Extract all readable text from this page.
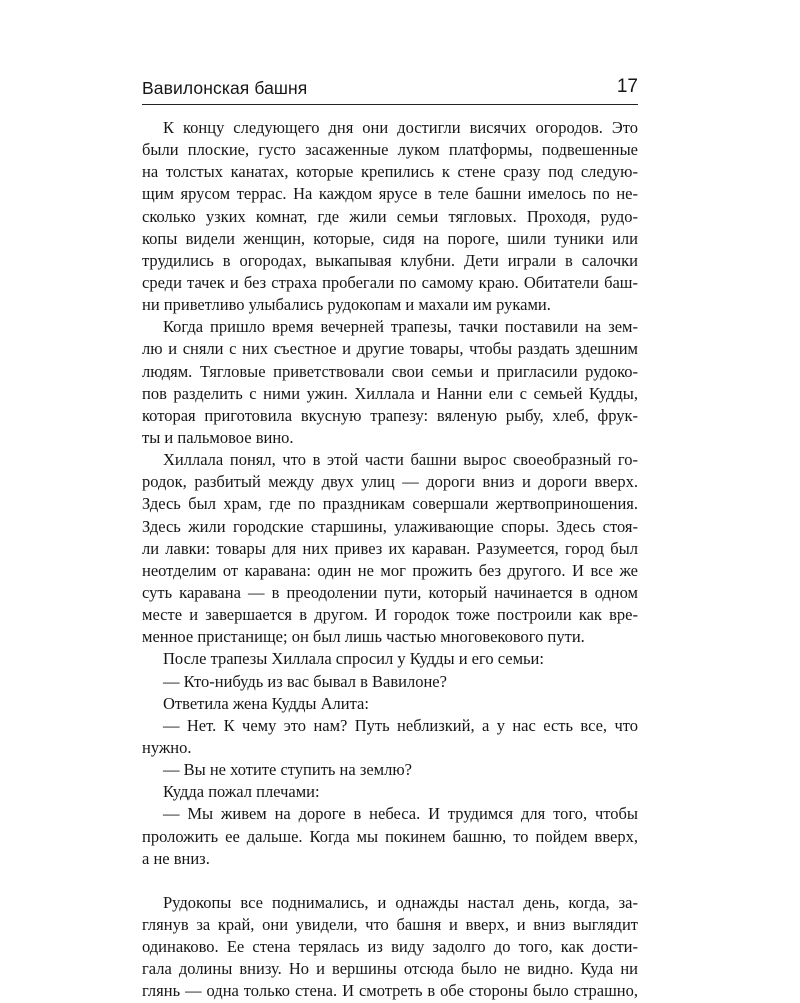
Вавилонская башня	17
К концу следующего дня они достигли висячих огородов. Это
были плоские, густо засаженные луком платформы, подвешенные
на толстых канатах, которые крепились к стене сразу под следую-
щим ярусом террас. На каждом ярусе в теле башни имелось по не-
сколько узких комнат, где жили семьи тягловых. Проходя, рудо-
копы видели женщин, которые, сидя на пороге, шили туники или
трудились в огородах, выкапывая клубни. Дети играли в салочки
среди тачек и без страха пробегали по самому краю. Обитатели баш-
ни приветливо улыбались рудокопам и махали им руками.
Когда пришло время вечерней трапезы, тачки поставили на зем-
лю и сняли с них съестное и другие товары, чтобы раздать здешним
людям. Тягловые приветствовали свои семьи и пригласили рудоко-
пов разделить с ними ужин. Хиллала и Нанни ели с семьей Кудды,
которая приготовила вкусную трапезу: вяленую рыбу, хлеб, фрук-
ты и пальмовое вино.
Хиллала понял, что в этой части башни вырос своеобразный го-
родок, разбитый между двух улиц — дороги вниз и дороги вверх.
Здесь был храм, где по праздникам совершали жертвоприношения.
Здесь жили городские старшины, улаживающие споры. Здесь стоя-
ли лавки: товары для них привез их караван. Разумеется, город был
неотделим от каравана: один не мог прожить без другого. И все же
суть каравана — в преодолении пути, который начинается в одном
месте и завершается в другом. И городок тоже построили как вре-
менное пристанище; он был лишь частью многовекового пути.
После трапезы Хиллала спросил у Кудды и его семьи:
— Кто-нибудь из вас бывал в Вавилоне?
Ответила жена Кудды Алита:
— Нет. К чему это нам? Путь неблизкий, а у нас есть все, что
нужно.
— Вы не хотите ступить на землю?
Кудда пожал плечами:
— Мы живем на дороге в небеса. И трудимся для того, чтобы
проложить ее дальше. Когда мы покинем башню, то пойдем вверх,
а не вниз.
Рудокопы все поднимались, и однажды настал день, когда, за-
глянув за край, они увидели, что башня и вверх, и вниз выглядит
одинаково. Ее стена терялась из виду задолго до того, как дости-
гала долины внизу. Но и вершины отсюда было не видно. Куда ни
глянь — одна только стена. И смотреть в обе стороны было страшно,
